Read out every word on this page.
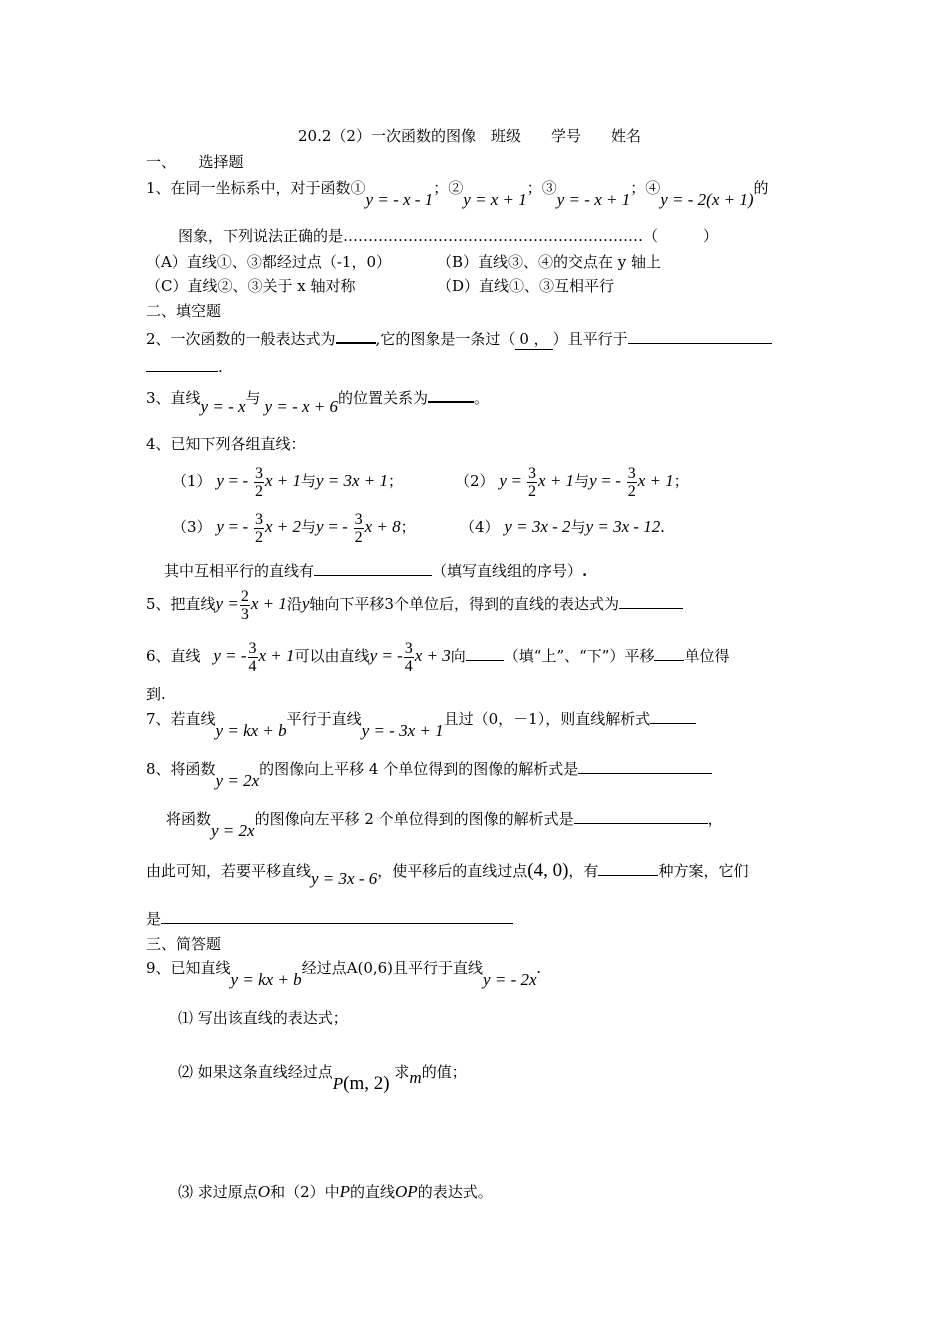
20.2（2）一次函数的图像　班级　　学号　　姓名
一、　　选择题
1、在同一坐标系中，对于函数①y = - x - 1；②y = x + 1；③y = - x + 1；④y = - 2(x + 1)的
图象，下列说法正确的是……………………………………………………（　　　）
（A）直线①、③都经过点（-1，0）	（B）直线③、④的交点在 y 轴上
（C）直线②、③关于 x 轴对称	（D）直线①、③互相平行
二、填空题
2、一次函数的一般表达式为	,它的图象是一条过（ 0 ， ）且平行于
.
3、直线y = - x与 y = - x + 6的位置关系为	。
4、已知下列各组直线：
（1） y = - $\frac{3}{2}$ x + 1与y = 3x + 1；	（2） $y = \frac{3}{2}$ x + 1与y = - $\frac{3}{2}$ x + 1；
（3） y = - $\frac{3}{2}$ x + 2与y = - $\frac{3}{2}$ x + 8；	（4） y = 3x - 2与y = 3x - 12.
其中互相平行的直线有	（填写直线组的序号）.
5、把直线$y = \frac{2}{3}$ x + 1沿y轴向下平移3个单位后，得到的直线的表达式为
6、直线 y = - $\frac{3}{4}$ x + 1可以由直线y = - $\frac{3}{4}$ x + 3向	（填“上”、“下”）平移 单位得
到.
7、若直线y = kx + b平行于直线y = - 3x + 1且过（0，－1），则直线解析式
8、将函数y = 2x的图像向上平移 4 个单位得到的图像的解析式是
将函数y = 2x的图像向左平移 2 个单位得到的图像的解析式是	，
由此可知，若要平移直线y = 3x - 6，使平移后的直线过点(4, 0)，有	种方案，它们
是
三、简答题
9、已知直线y = kx + b经过点A(0,6)且平行于直线y = - 2x.
⑴ 写出该直线的表达式；
⑵ 如果这条直线经过点P(m, 2) 求m的值；
⑶ 求过原点O和（2）中P的直线OP的表达式。
